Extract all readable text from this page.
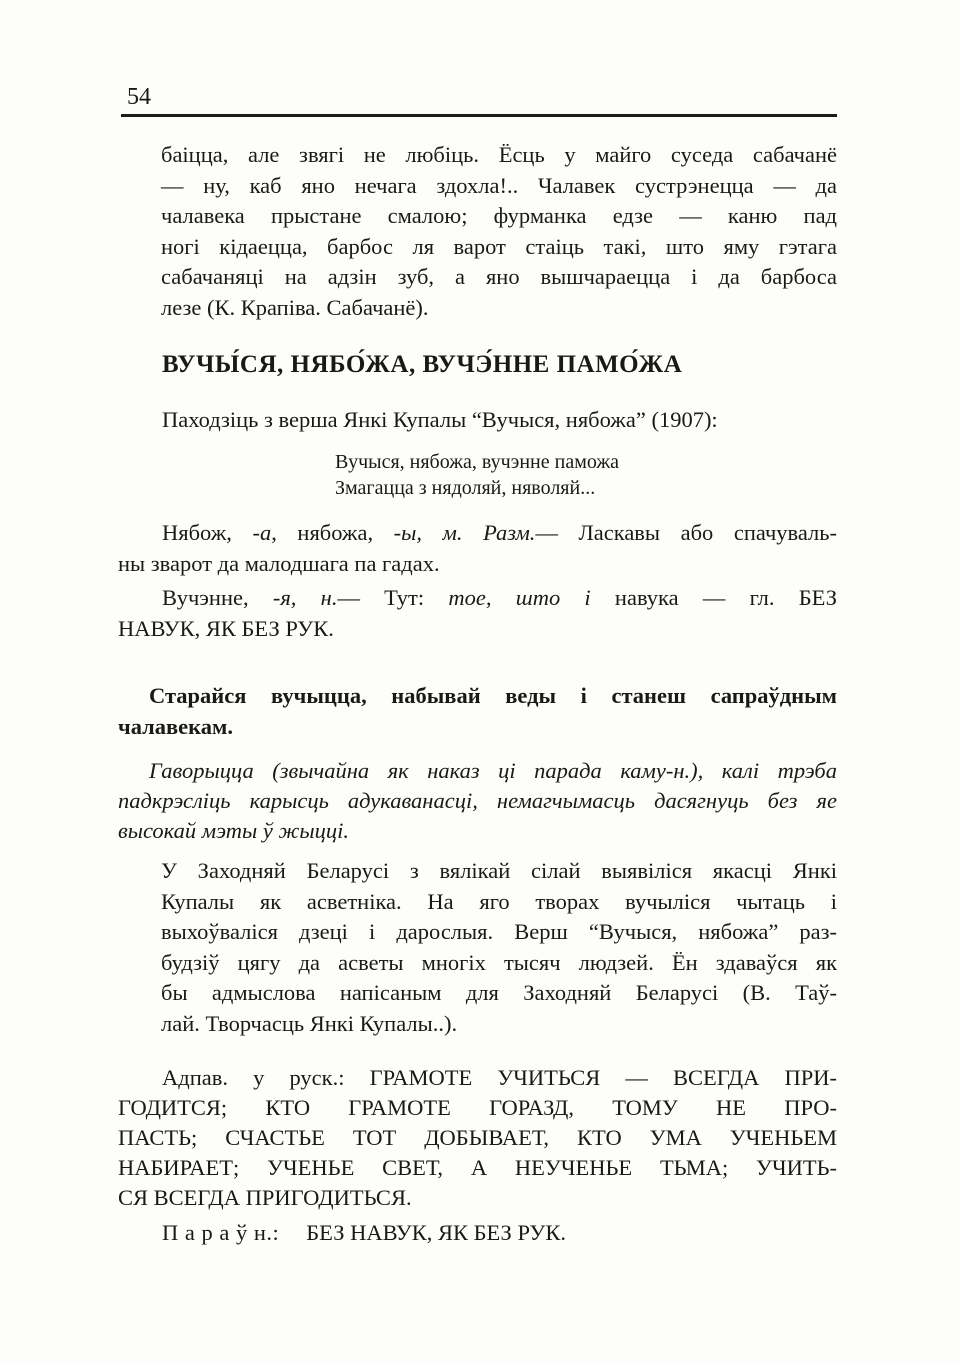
54
баіцца, але звягі не любіць. Ёсць у майго суседа сабачанё
— ну, каб яно нечага здохла!.. Чалавек сустрэнецца — да
чалавека прыстане смалою; фурманка едзе — каню пад
ногі кідаецца, барбос ля варот стаіць такі, што яму гэтага
сабачаняці на адзін зуб, а яно вышчараецца і да барбоса
лезе (К. Крапіва. Сабачанё).
ВУЧЫ́СЯ, НЯБО́ЖА, ВУЧЭ́ННЕ ПАМО́ЖА
Паходзіць з верша Янкі Купалы “Вучыся, нябожа” (1907):
Вучыся, нябожа, вучэнне паможа
Змагацца з нядоляй, няволяй...
Нябож, -а, нябожа, -ы, м. Разм.— Ласкавы або спачуваль-
ны зварот да малодшага па гадах.
Вучэнне, -я, н.— Тут: тое, што і навука — гл. БЕЗ
НАВУК, ЯК БЕЗ РУК.
Старайся вучыцца, набывай веды і станеш сапраўдным
чалавекам.
Гаворыцца (звычайна як наказ ці парада каму-н.), калі трэба
падкрэсліць карысць адукаванасці, немагчымасць дасягнуць без яе
высокай мэты ў жыцці.
У Заходняй Беларусі з вялікай сілай выявіліся якасці Янкі
Купалы як асветніка. На яго творах вучыліся чытаць і
выхоўваліся дзеці і дарослыя. Верш “Вучыся, нябожа” раз-
будзіў цягу да асветы многіх тысяч людзей. Ён здаваўся як
бы адмыслова напісаным для Заходняй Беларусі (В. Таў-
лай. Творчасць Янкі Купалы..).
Адпав. у руск.: ГРАМОТЕ УЧИТЬСЯ — ВСЕГДА ПРИ-
ГОДИТСЯ; КТО ГРАМОТЕ ГОРАЗД, ТОМУ НЕ ПРО-
ПАСТЬ; СЧАСТЬЕ ТОТ ДОБЫВАЕТ, КТО УМА УЧЕНЬЕМ
НАБИРАЕТ; УЧЕНЬЕ СВЕТ, А НЕУЧЕНЬЕ ТЬМА; УЧИТЬ-
СЯ ВСЕГДА ПРИГОДИТЬСЯ.
П а р а ў н.: БЕЗ НАВУК, ЯК БЕЗ РУК.
